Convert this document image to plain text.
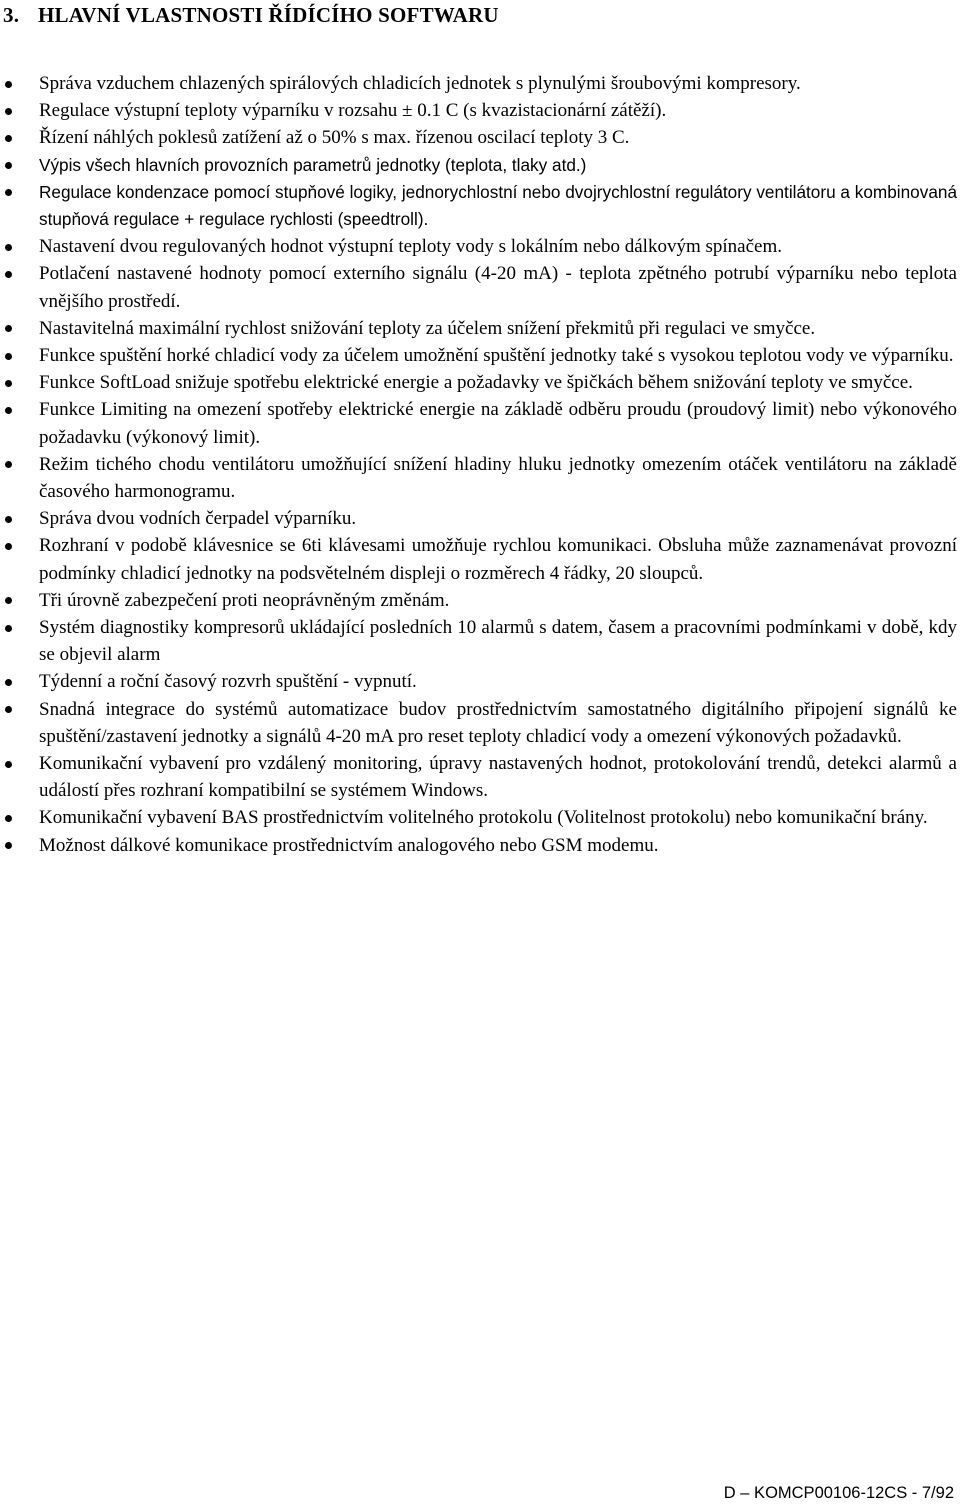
3. HLAVNÍ VLASTNOSTI ŘÍDÍCÍHO SOFTWARU
Správa vzduchem chlazených spirálových chladicích jednotek s plynulými šroubovými kompresory.
Regulace výstupní teploty výparníku v rozsahu ± 0.1 C (s kvazistacionární zátěží).
Řízení náhlých poklesů zatížení až o 50% s max. řízenou oscilací teploty 3 C.
Výpis všech hlavních provozních parametrů jednotky (teplota, tlaky atd.)
Regulace kondenzace pomocí stupňové logiky, jednorychlostní nebo dvojrychlostní regulátory ventilátoru a kombinovaná stupňová regulace + regulace rychlosti (speedtroll).
Nastavení dvou regulovaných hodnot výstupní teploty vody s lokálním nebo dálkovým spínačem.
Potlačení nastavené hodnoty pomocí externího signálu (4-20 mA) - teplota zpětného potrubí výparníku nebo teplota vnějšího prostředí.
Nastavitelná maximální rychlost snižování teploty za účelem snížení překmitů při regulaci ve smyčce.
Funkce spuštění horké chladicí vody za účelem umožnění spuštění jednotky také s vysokou teplotou vody ve výparníku.
Funkce SoftLoad snižuje spotřebu elektrické energie a požadavky ve špičkách během snižování teploty ve smyčce.
Funkce Limiting na omezení spotřeby elektrické energie na základě odběru proudu (proudový limit) nebo výkonového požadavku (výkonový limit).
Režim tichého chodu ventilátoru umožňující snížení hladiny hluku jednotky omezením otáček ventilátoru na základě časového harmonogramu.
Správa dvou vodních čerpadel výparníku.
Rozhraní v podobě klávesnice se 6ti klávesami umožňuje rychlou komunikaci. Obsluha může zaznamenávat provozní podmínky chladicí jednotky na podsvětelném displeji o rozměrech 4 řádky, 20 sloupců.
Tři úrovně zabezpečení proti neoprávněným změnám.
Systém diagnostiky kompresorů ukládající posledních 10 alarmů s datem, časem a pracovními podmínkami v době, kdy se objevil alarm
Týdenní a roční časový rozvrh spuštění - vypnutí.
Snadná integrace do systémů automatizace budov prostřednictvím samostatného digitálního připojení signálů ke spuštění/zastavení jednotky a signálů 4-20 mA pro reset teploty chladicí vody a omezení výkonových požadavků.
Komunikační vybavení pro vzdálený monitoring, úpravy nastavených hodnot, protokolování trendů, detekci alarmů a událostí přes rozhraní kompatibilní se systémem Windows.
Komunikační vybavení BAS prostřednictvím volitelného protokolu (Volitelnost protokolu) nebo komunikační brány.
Možnost dálkové komunikace prostřednictvím analogového nebo GSM modemu.
D – KOMCP00106-12CS - 7/92
